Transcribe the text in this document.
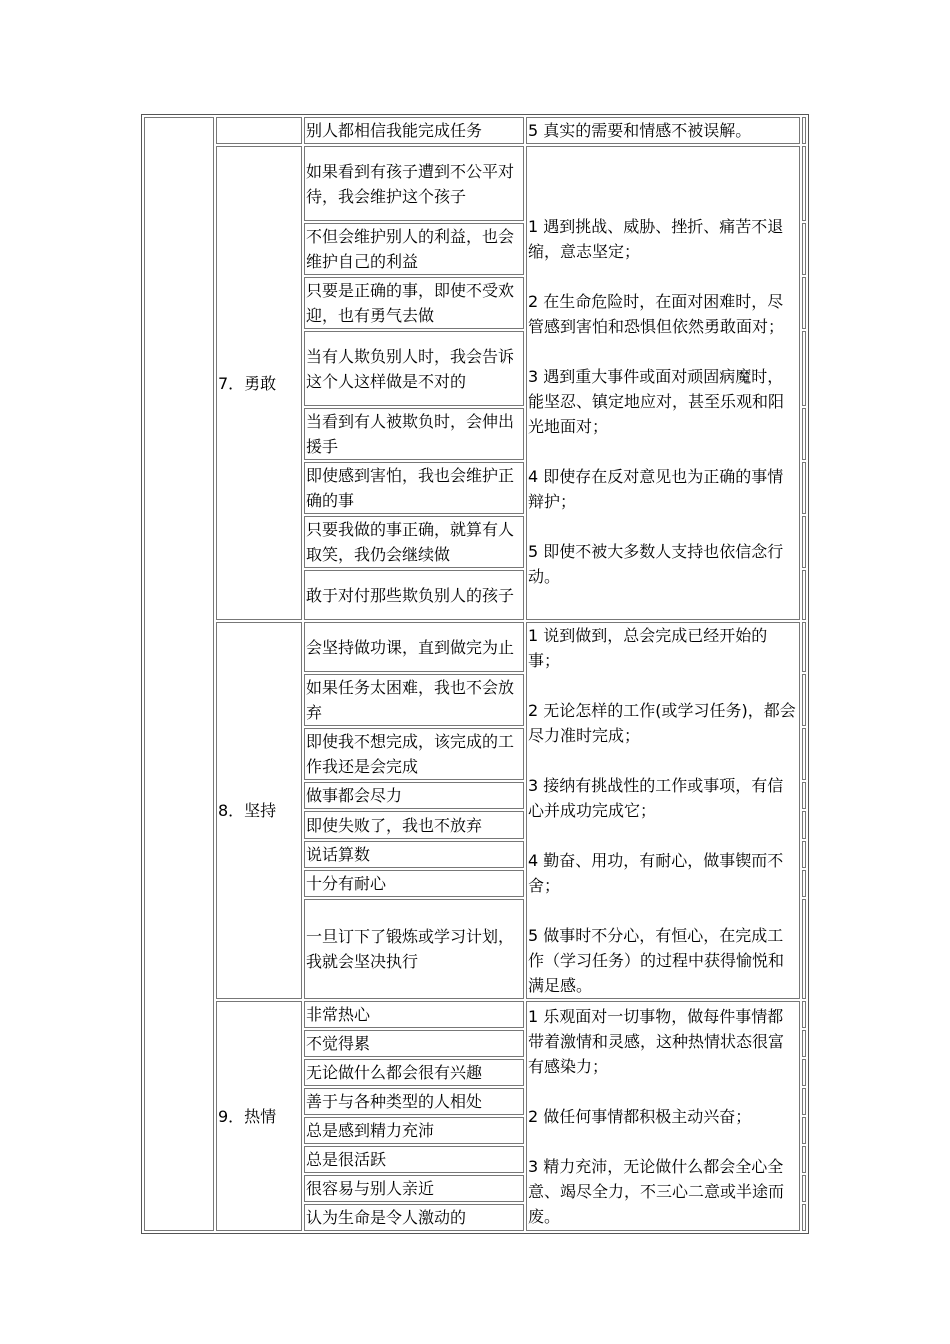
		别人都相信我能完成任务	5 真实的需要和情感不被误解。	

	7．勇敢	如果看到有孩子遭到不公平对待，我会维护这个孩子	1 遇到挑战、威胁、挫折、痛苦不退缩，意志坚定；

2 在生命危险时，在面对困难时，尽管感到害怕和恐惧但依然勇敢面对；

3 遇到重大事件或面对顽固病魔时，能坚忍、镇定地应对，甚至乐观和阳光地面对；

4 即使存在反对意见也为正确的事情辩护；

5 即使不被大多数人支持也依信念行动。	

		不但会维护别人的利益，也会维护自己的利益		
		只要是正确的事，即使不受欢迎，也有勇气去做		
		当有人欺负别人时，我会告诉这个人这样做是不对的		
		当看到有人被欺负时，会伸出援手		
		即使感到害怕，我也会维护正确的事		
		只要我做的事正确，就算有人取笑，我仍会继续做		
		敢于对付那些欺负别人的孩子		
	8．坚持	会坚持做功课，直到做完为止	1 说到做到，总会完成已经开始的事；

2 无论怎样的工作(或学习任务)，都会尽力准时完成；

3 接纳有挑战性的工作或事项，有信心并成功完成它；

4 勤奋、用功，有耐心，做事锲而不舍；

5 做事时不分心，有恒心，在完成工作（学习任务）的过程中获得愉悦和满足感。	

		如果任务太困难，我也不会放弃		
		即使我不想完成，该完成的工作我还是会完成		
		做事都会尽力		
		即使失败了，我也不放弃		
		说话算数		
		十分有耐心		
		一旦订下了锻炼或学习计划，我就会坚决执行		
	9．热情	非常热心	1 乐观面对一切事物，做每件事情都带着激情和灵感，这种热情状态很富有感染力；

2 做任何事情都积极主动兴奋；

3 精力充沛，无论做什么都会全心全意、竭尽全力，不三心二意或半途而废。	

		不觉得累		
		无论做什么都会很有兴趣		
		善于与各种类型的人相处		
		总是感到精力充沛		
		总是很活跃		
		很容易与别人亲近		
		认为生命是令人激动的		
